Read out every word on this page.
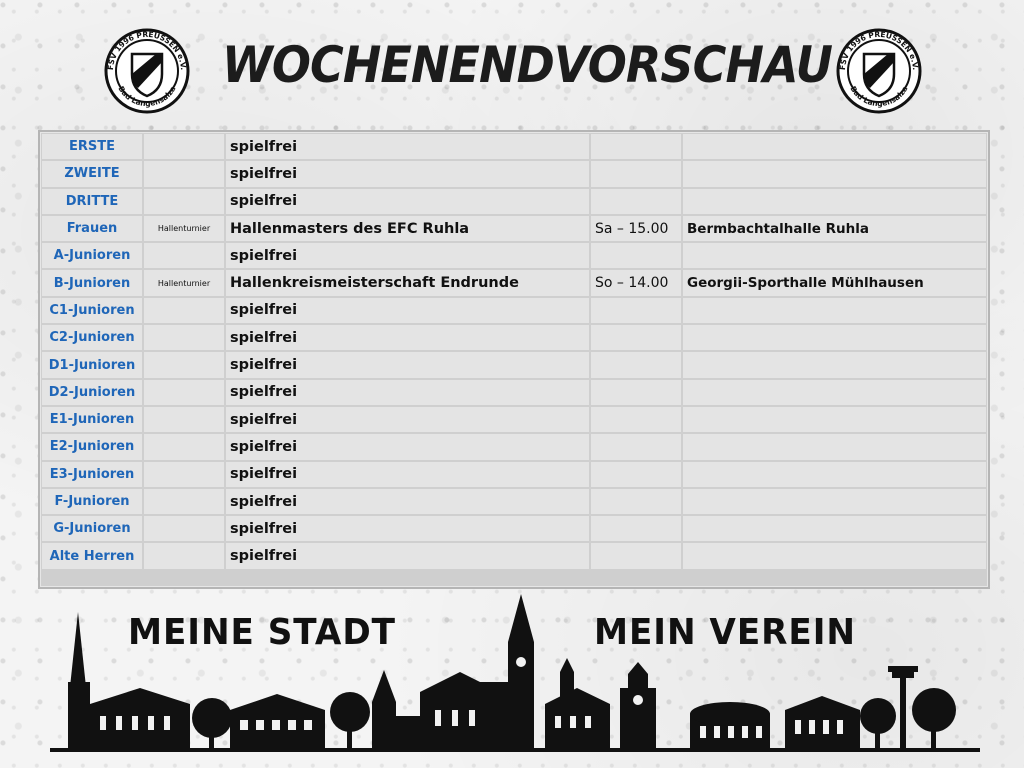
FSV 1996 PREUSSEN e.V.
Bad Langensalza
FSV 1996 PREUSSEN e.V.
Bad Langensalza
WOCHENENDVORSCHAU
ERSTE		spielfrei		
ZWEITE		spielfrei		
DRITTE		spielfrei		
Frauen	Hallenturnier	Hallenmasters des EFC Ruhla	Sa – 15.00	Bermbachtalhalle Ruhla
A-Junioren		spielfrei		
B-Junioren	Hallenturnier	Hallenkreismeisterschaft Endrunde	So – 14.00	Georgii-Sporthalle Mühlhausen
C1-Junioren		spielfrei		
C2-Junioren		spielfrei		
D1-Junioren		spielfrei		
D2-Junioren		spielfrei		
E1-Junioren		spielfrei		
E2-Junioren		spielfrei		
E3-Junioren		spielfrei		
F-Junioren		spielfrei		
G-Junioren		spielfrei		
Alte Herren		spielfrei		
MEINE STADT	MEIN VEREIN
